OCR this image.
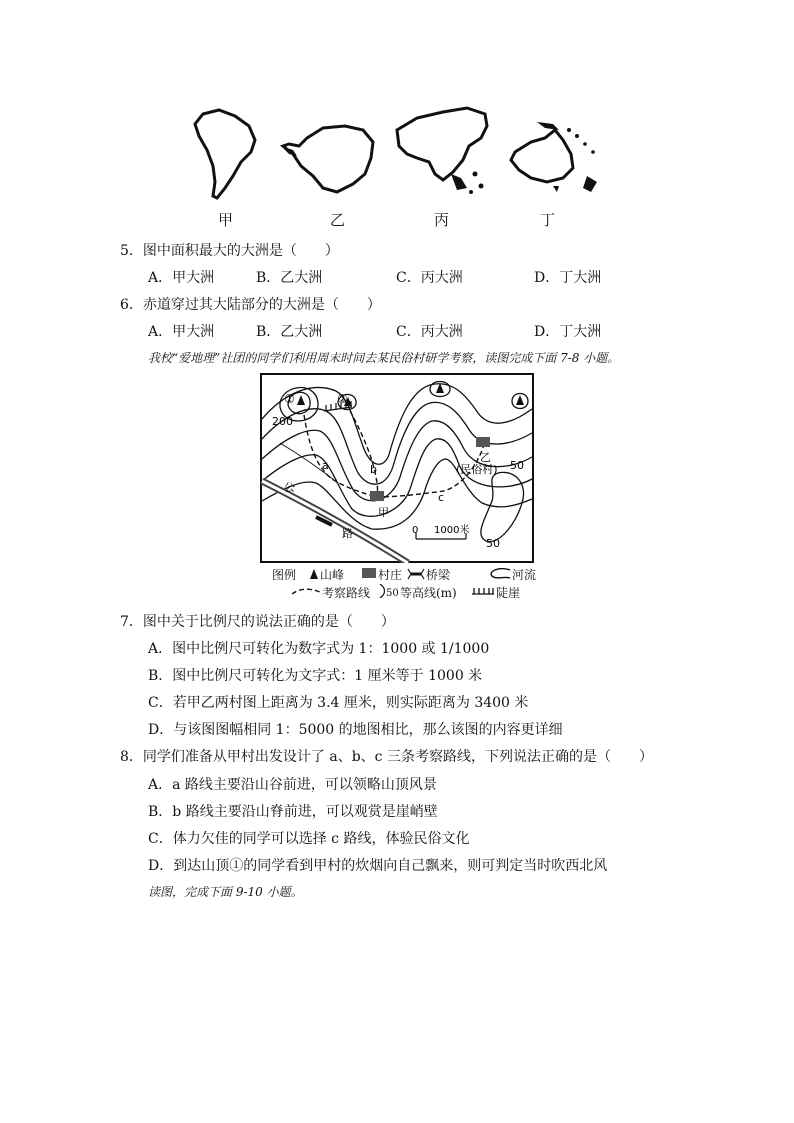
甲	乙	丙	丁
5．图中面积最大的大洲是（　　）
A．甲大洲	B．乙大洲	C．丙大洲	D．丁大洲
6．赤道穿过其大陆部分的大洲是（　　）
A．甲大洲	B．乙大洲	C．丙大洲	D．丁大洲
我校“爱地理”社团的同学们利用周末时间去某民俗村研学考察，读图完成下面 7-8 小题。
①	②
200
a	b
c
甲
乙
(民俗村) 50
50
公
路	0 1000米
图例 山峰	村庄 桥梁	河流
考察路线 50 等高线(m)	陡崖
7．图中关于比例尺的说法正确的是（　　）
A．图中比例尺可转化为数字式为 1：1000 或 1/1000
B．图中比例尺可转化为文字式：1 厘米等于 1000 米
C．若甲乙两村图上距离为 3.4 厘米，则实际距离为 3400 米
D．与该图图幅相同 1：5000 的地图相比，那么该图的内容更详细
8．同学们准备从甲村出发设计了 a、b、c 三条考察路线，下列说法正确的是（　　）
A．a 路线主要沿山谷前进，可以领略山顶风景
B．b 路线主要沿山脊前进，可以观赏是崖峭壁
C．体力欠佳的同学可以选择 c 路线，体验民俗文化
D．到达山顶①的同学看到甲村的炊烟向自己飘来，则可判定当时吹西北风
读图，完成下面 9-10 小题。
